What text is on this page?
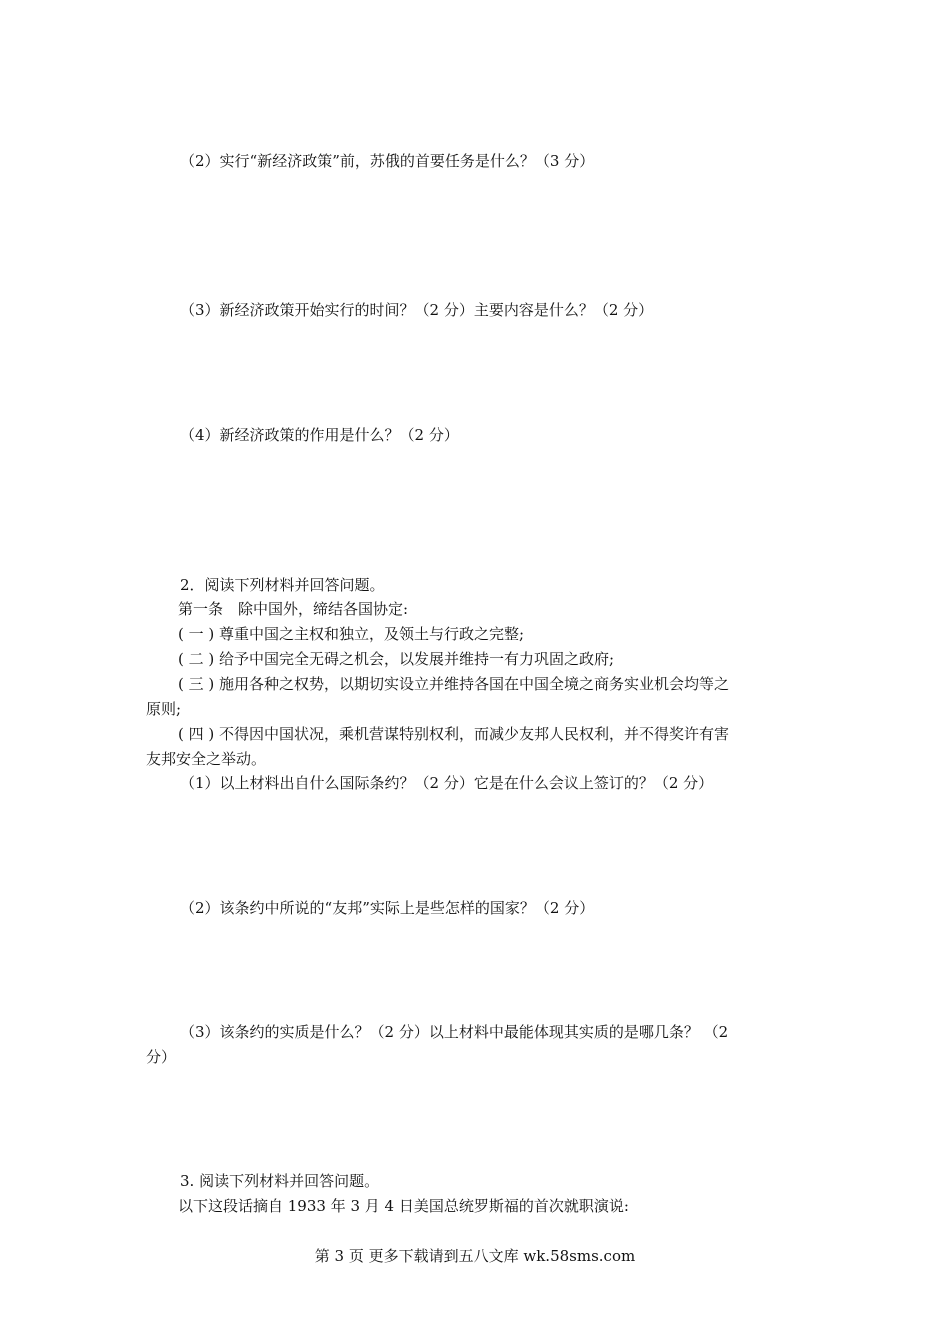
（2）实行“新经济政策”前，苏俄的首要任务是什么？（3 分）
（3）新经济政策开始实行的时间？（2 分）主要内容是什么？（2 分）
（4）新经济政策的作用是什么？（2 分）
2．阅读下列材料并回答问题。
第一条　除中国外，缔结各国协定:
( 一 ) 尊重中国之主权和独立，及领土与行政之完整;
( 二 ) 给予中国完全无碍之机会，以发展并维持一有力巩固之政府;
( 三 ) 施用各种之权势，以期切实设立并维持各国在中国全境之商务实业机会均等之
原则;
( 四 ) 不得因中国状况，乘机营谋特别权利，而减少友邦人民权利，并不得奖许有害
友邦安全之举动。
（1）以上材料出自什么国际条约？（2 分）它是在什么会议上签订的？（2 分）
（2）该条约中所说的“友邦”实际上是些怎样的国家？（2 分）
（3）该条约的实质是什么？（2 分）以上材料中最能体现其实质的是哪几条？ （2
分）
3. 阅读下列材料并回答问题。
以下这段话摘自 1933 年 3 月 4 日美国总统罗斯福的首次就职演说:
第 3 页 更多下载请到五八文库 wk.58sms.com
